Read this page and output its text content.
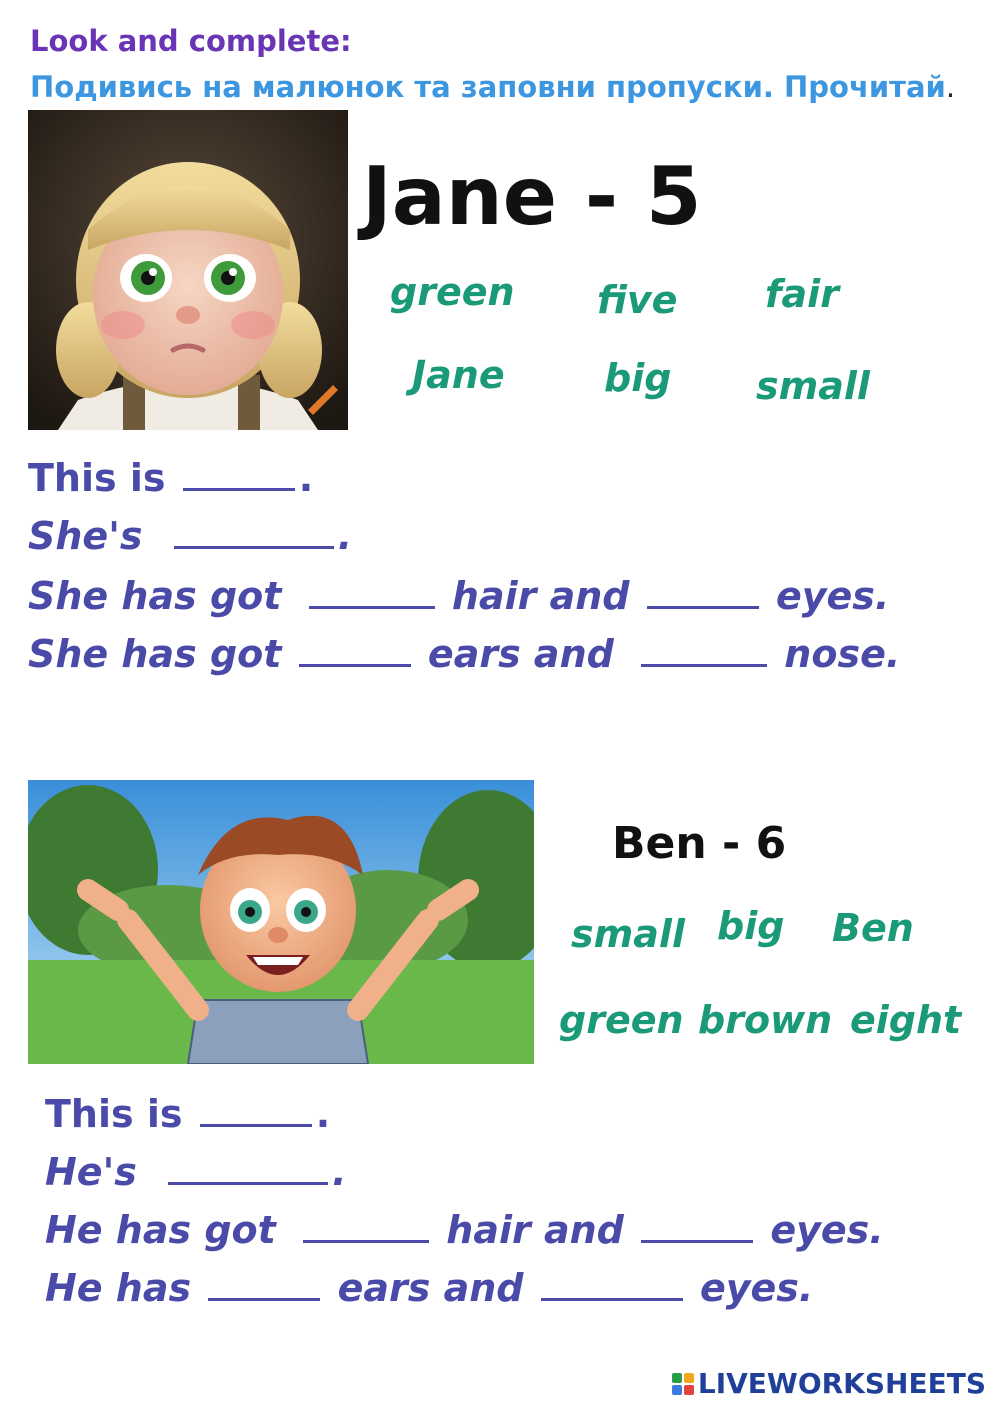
Look and complete:
Подивись на малюнок та заповни пропуски. Прочитай.
Jane - 5
green five fair
Jane	big small
This is	.
She's	.
She has got	hair and	eyes.
She has got	ears and	nose.
Ben - 6
small big Ben
green brown eight
This is	.
He's	.
He has got	hair and	eyes.
He has	ears and	eyes.
LIVEWORKSHEETS
